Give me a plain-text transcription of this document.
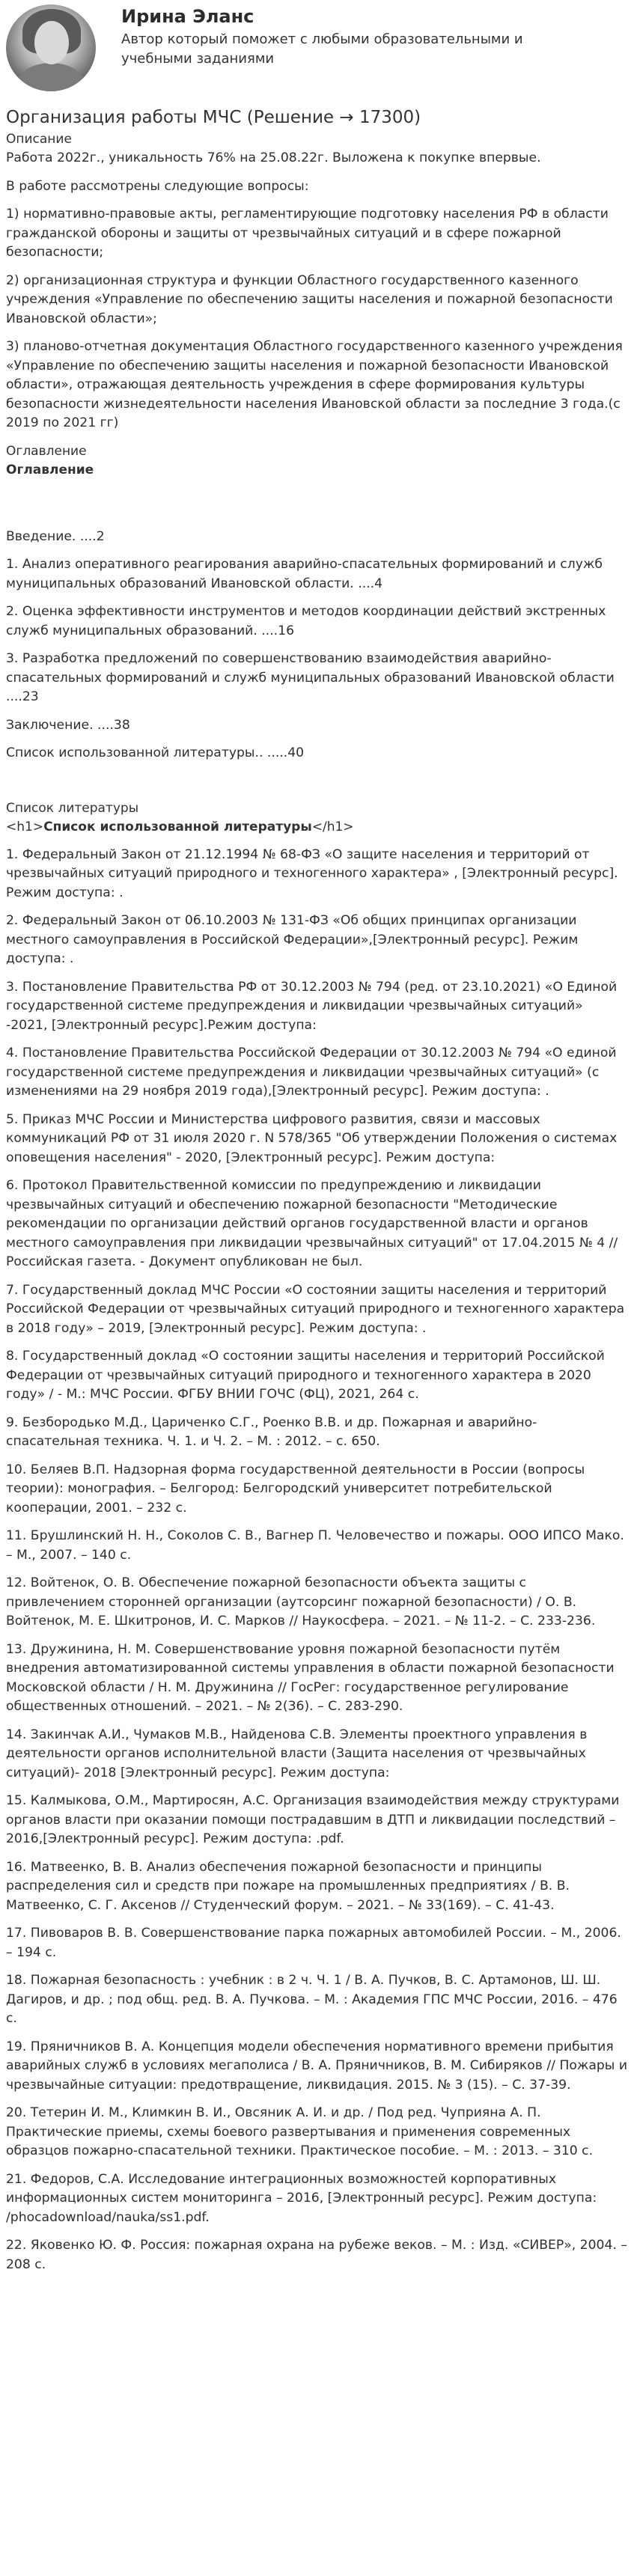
Ирина Эланс
Автор который поможет с любыми образовательными и учебными заданиями
Организация работы МЧС (Решение → 17300)
Описание

Работа 2022г., уникальность 76% на 25.08.22г. Выложена к покупке впервые.

В работе рассмотрены следующие вопросы:

1) нормативно-правовые акты, регламентирующие подготовку населения РФ в области гражданской обороны и защиты от чрезвычайных ситуаций и в сфере пожарной безопасности;

2) организационная структура и функции Областного государственного казенного учреждения «Управление по обеспечению защиты населения и пожарной безопасности Ивановской области»;

3) планово-отчетная документация Областного государственного казенного учреждения «Управление по обеспечению защиты населения и пожарной безопасности Ивановской области», отражающая деятельность учреждения в сфере формирования культуры безопасности жизнедеятельности населения Ивановской области за последние 3 года.(с 2019 по 2021 гг)

Оглавление
Оглавление

Введение. ....2

1. Анализ оперативного реагирования аварийно-спасательных формирований и служб муниципальных образований Ивановской области. ....4

2. Оценка эффективности инструментов и методов координации действий экстренных служб муниципальных образований. ....16

3. Разработка предложений по совершенствованию взаимодействия аварийно-спасательных формирований и служб муниципальных образований Ивановской области ....23

Заключение. ....38

Список использованной литературы.. .....40

Список литературы
<h1>Список использованной литературы</h1>

1. Федеральный Закон от 21.12.1994 № 68-ФЗ «О защите населения и территорий от чрезвычайных ситуаций природного и техногенного характера» , [Электронный ресурс]. Режим доступа: .

2. Федеральный Закон от 06.10.2003 № 131-ФЗ «Об общих принципах организации местного самоуправления в Российской Федерации»,[Электронный ресурс]. Режим доступа: .

3. Постановление Правительства РФ от 30.12.2003 № 794 (ред. от 23.10.2021) «О Единой государственной системе предупреждения и ликвидации чрезвычайных ситуаций» -2021, [Электронный ресурс].Режим доступа:

4. Постановление Правительства Российской Федерации от 30.12.2003 № 794 «О единой государственной системе предупреждения и ликвидации чрезвычайных ситуаций» (с изменениями на 29 ноября 2019 года),[Электронный ресурс]. Режим доступа: .

5. Приказ МЧС России и Министерства цифрового развития, связи и массовых коммуникаций РФ от 31 июля 2020 г. N 578/365 "Об утверждении Положения о системах оповещения населения" - 2020, [Электронный ресурс]. Режим доступа:

6. Протокол Правительственной комиссии по предупреждению и ликвидации чрезвычайных ситуаций и обеспечению пожарной безопасности "Методические рекомендации по организации действий органов государственной власти и органов местного самоуправления при ликвидации чрезвычайных ситуаций" от 17.04.2015 № 4 // Российская газета. - Документ опубликован не был.

7. Государственный доклад МЧС России «О состоянии защиты населения и территорий Российской Федерации от чрезвычайных ситуаций природного и техногенного характера в 2018 году» – 2019, [Электронный ресурс]. Режим доступа: .

8. Государственный доклад «О состоянии защиты населения и территорий Российской Федерации от чрезвычайных ситуаций природного и техногенного характера в 2020 году» / - М.: МЧС России. ФГБУ ВНИИ ГОЧС (ФЦ), 2021, 264 с.

9. Безбородько М.Д., Цариченко С.Г., Роенко В.В. и др. Пожарная и аварийно-спасательная техника. Ч. 1. и Ч. 2. – М. : 2012. – с. 650.

10. Беляев В.П. Надзорная форма государственной деятельности в России (вопросы теории): монография. – Белгород: Белгородский университет потребительской кооперации, 2001. – 232 с.

11. Брушлинский Н. Н., Соколов С. В., Вагнер П. Человечество и пожары. ООО ИПСО Мако. – М., 2007. – 140 с.

12. Войтенок, О. В. Обеспечение пожарной безопасности объекта защиты с привлечением сторонней организации (аутсорсинг пожарной безопасности) / О. В. Войтенок, М. Е. Шкитронов, И. С. Марков // Наукосфера. – 2021. – № 11-2. – С. 233-236.

13. Дружинина, Н. М. Совершенствование уровня пожарной безопасности путём внедрения автоматизированной системы управления в области пожарной безопасности Московской области / Н. М. Дружинина // ГосРег: государственное регулирование общественных отношений. – 2021. – № 2(36). – С. 283-290.

14. Закинчак А.И., Чумаков М.В., Найденова С.В. Элементы проектного управления в деятельности органов исполнительной власти (Защита населения от чрезвычайных ситуаций)- 2018 [Электронный ресурс]. Режим доступа:

15. Калмыкова, О.М., Мартиросян, А.С. Организация взаимодействия между структурами органов власти при оказании помощи пострадавшим в ДТП и ликвидации последствий – 2016,[Электронный ресурс]. Режим доступа: .pdf.

16. Матвеенко, В. В. Анализ обеспечения пожарной безопасности и принципы распределения сил и средств при пожаре на промышленных предприятиях / В. В. Матвеенко, С. Г. Аксенов // Студенческий форум. – 2021. – № 33(169). – С. 41-43.

17. Пивоваров В. В. Совершенствование парка пожарных автомобилей России. – М., 2006. – 194 с.

18. Пожарная безопасность : учебник : в 2 ч. Ч. 1 / В. А. Пучков, В. С. Артамонов, Ш. Ш. Дагиров, и др. ; под общ. ред. В. А. Пучкова. – М. : Академия ГПС МЧС России, 2016. – 476 с.

19. Пряничников В. А. Концепция модели обеспечения нормативного времени прибытия аварийных служб в условиях мегаполиса / В. А. Пряничников, В. М. Сибиряков // Пожары и чрезвычайные ситуации: предотвращение, ликвидация. 2015. № 3 (15). – С. 37-39.

20. Тетерин И. М., Климкин В. И., Овсяник А. И. и др. / Под ред. Чуприяна А. П. Практические приемы, схемы боевого развертывания и применения современных образцов пожарно-спасательной техники. Практическое пособие. – М. : 2013. – 310 с.

21. Федоров, С.А. Исследование интеграционных возможностей корпоративных информационных систем мониторинга – 2016, [Электронный ресурс]. Режим доступа: /phocadownload/nauka/ss1.pdf.

22. Яковенко Ю. Ф. Россия: пожарная охрана на рубеже веков. – М. : Изд. «СИВЕР», 2004. – 208 с.
